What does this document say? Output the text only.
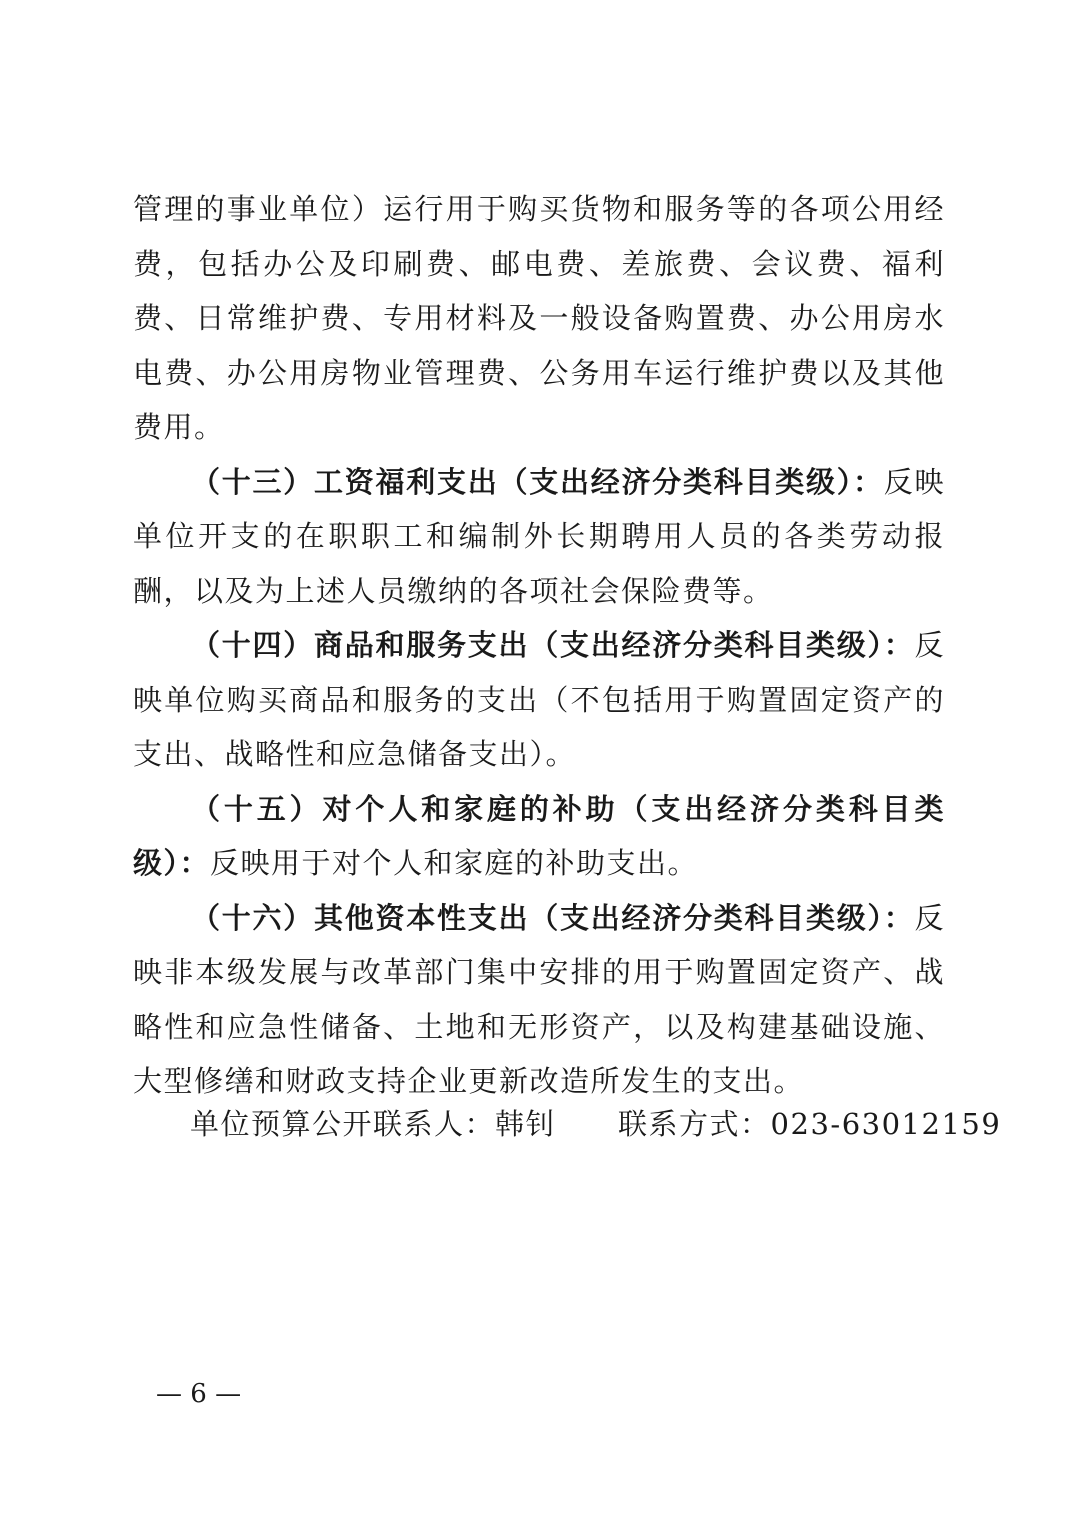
管理的事业单位）运行用于购买货物和服务等的各项公用经费，包括办公及印刷费、邮电费、差旅费、会议费、福利费、日常维护费、专用材料及一般设备购置费、办公用房水电费、办公用房物业管理费、公务用车运行维护费以及其他费用。

（十三）工资福利支出（支出经济分类科目类级）：反映单位开支的在职职工和编制外长期聘用人员的各类劳动报酬，以及为上述人员缴纳的各项社会保险费等。

（十四）商品和服务支出（支出经济分类科目类级）：反映单位购买商品和服务的支出（不包括用于购置固定资产的支出、战略性和应急储备支出）。

（十五）对个人和家庭的补助（支出经济分类科目类级）：反映用于对个人和家庭的补助支出。

（十六）其他资本性支出（支出经济分类科目类级）：反映非本级发展与改革部门集中安排的用于购置固定资产、战略性和应急性储备、土地和无形资产，以及构建基础设施、大型修缮和财政支持企业更新改造所发生的支出。

单位预算公开联系人：韩钊 联系方式：023-63012159
— 6 —
